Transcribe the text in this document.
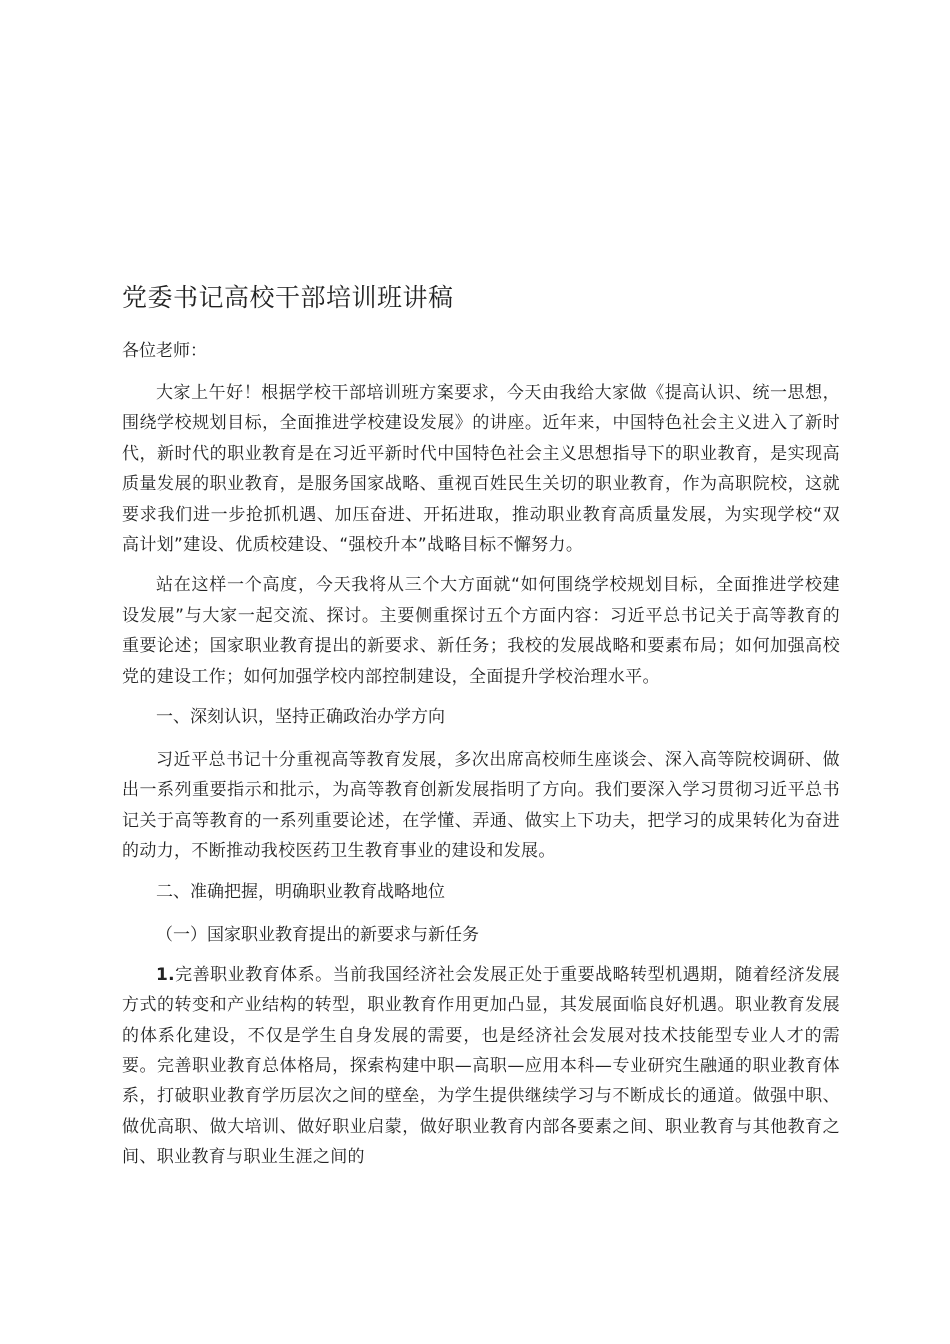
党委书记高校干部培训班讲稿

各位老师：

大家上午好！根据学校干部培训班方案要求，今天由我给大家做《提高认识、统一思想，围绕学校规划目标，全面推进学校建设发展》的讲座。近年来，中国特色社会主义进入了新时代，新时代的职业教育是在习近平新时代中国特色社会主义思想指导下的职业教育，是实现高质量发展的职业教育，是服务国家战略、重视百姓民生关切的职业教育，作为高职院校，这就要求我们进一步抢抓机遇、加压奋进、开拓进取，推动职业教育高质量发展，为实现学校“双高计划”建设、优质校建设、“强校升本”战略目标不懈努力。

站在这样一个高度，今天我将从三个大方面就“如何围绕学校规划目标，全面推进学校建设发展”与大家一起交流、探讨。主要侧重探讨五个方面内容：习近平总书记关于高等教育的重要论述；国家职业教育提出的新要求、新任务；我校的发展战略和要素布局；如何加强高校党的建设工作；如何加强学校内部控制建设，全面提升学校治理水平。

一、深刻认识，坚持正确政治办学方向

习近平总书记十分重视高等教育发展，多次出席高校师生座谈会、深入高等院校调研、做出一系列重要指示和批示，为高等教育创新发展指明了方向。我们要深入学习贯彻习近平总书记关于高等教育的一系列重要论述，在学懂、弄通、做实上下功夫，把学习的成果转化为奋进的动力，不断推动我校医药卫生教育事业的建设和发展。

二、准确把握，明确职业教育战略地位

（一）国家职业教育提出的新要求与新任务

1.完善职业教育体系。当前我国经济社会发展正处于重要战略转型机遇期，随着经济发展方式的转变和产业结构的转型，职业教育作用更加凸显，其发展面临良好机遇。职业教育发展的体系化建设，不仅是学生自身发展的需要，也是经济社会发展对技术技能型专业人才的需要。完善职业教育总体格局，探索构建中职—高职—应用本科—专业研究生融通的职业教育体系，打破职业教育学历层次之间的壁垒，为学生提供继续学习与不断成长的通道。做强中职、做优高职、做大培训、做好职业启蒙，做好职业教育内部各要素之间、职业教育与其他教育之间、职业教育与职业生涯之间的
